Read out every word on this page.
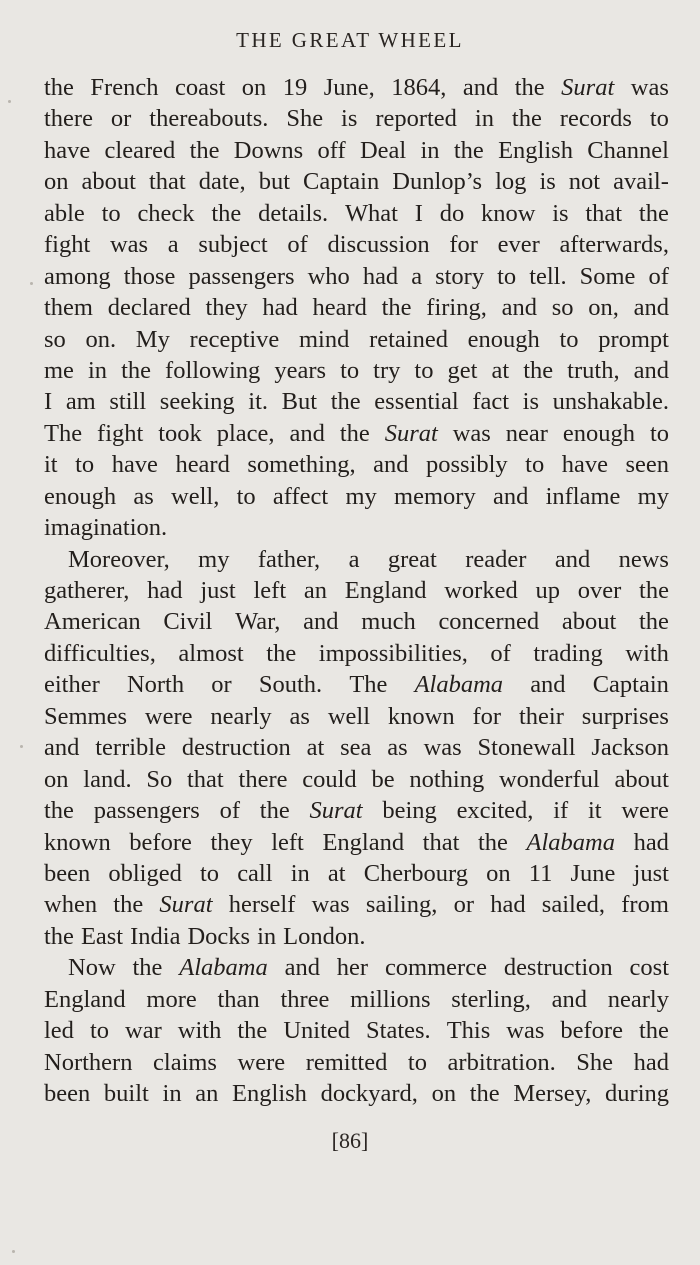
THE GREAT WHEEL
the French coast on 19 June, 1864, and the Surat was
there or thereabouts. She is reported in the records to
have cleared the Downs off Deal in the English Channel
on about that date, but Captain Dunlop’s log is not avail-
able to check the details. What I do know is that the
fight was a subject of discussion for ever afterwards,
among those passengers who had a story to tell. Some of
them declared they had heard the firing, and so on, and
so on. My receptive mind retained enough to prompt
me in the following years to try to get at the truth, and
I am still seeking it. But the essential fact is unshakable.
The fight took place, and the Surat was near enough to
it to have heard something, and possibly to have seen
enough as well, to affect my memory and inflame my
imagination.
Moreover, my father, a great reader and news
gatherer, had just left an England worked up over the
American Civil War, and much concerned about the
difficulties, almost the impossibilities, of trading with
either North or South. The Alabama and Captain
Semmes were nearly as well known for their surprises
and terrible destruction at sea as was Stonewall Jackson
on land. So that there could be nothing wonderful about
the passengers of the Surat being excited, if it were
known before they left England that the Alabama had
been obliged to call in at Cherbourg on 11 June just
when the Surat herself was sailing, or had sailed, from
the East India Docks in London.
Now the Alabama and her commerce destruction cost
England more than three millions sterling, and nearly
led to war with the United States. This was before the
Northern claims were remitted to arbitration. She had
been built in an English dockyard, on the Mersey, during
[86]
